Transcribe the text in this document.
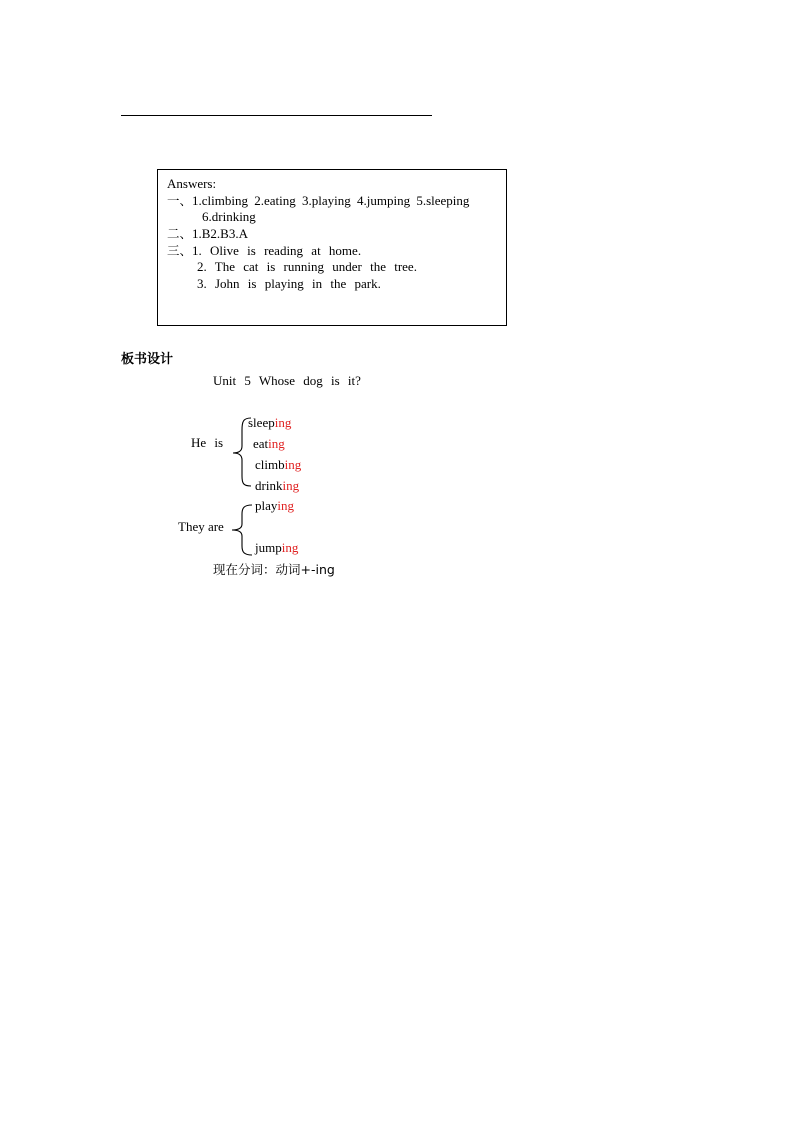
Answers:
一、1.climbing 2.eating 3.playing 4.jumping 5.sleeping
6.drinking
二、1.B2.B3.A
三、1. Olive is reading at home.
2. The cat is running under the tree.
3. John is playing in the park.
板书设计
Unit 5 Whose dog is it?
He is
sleeping
eating
climbing
drinking
They are
playing
jumping
现在分词：动词+-ing
